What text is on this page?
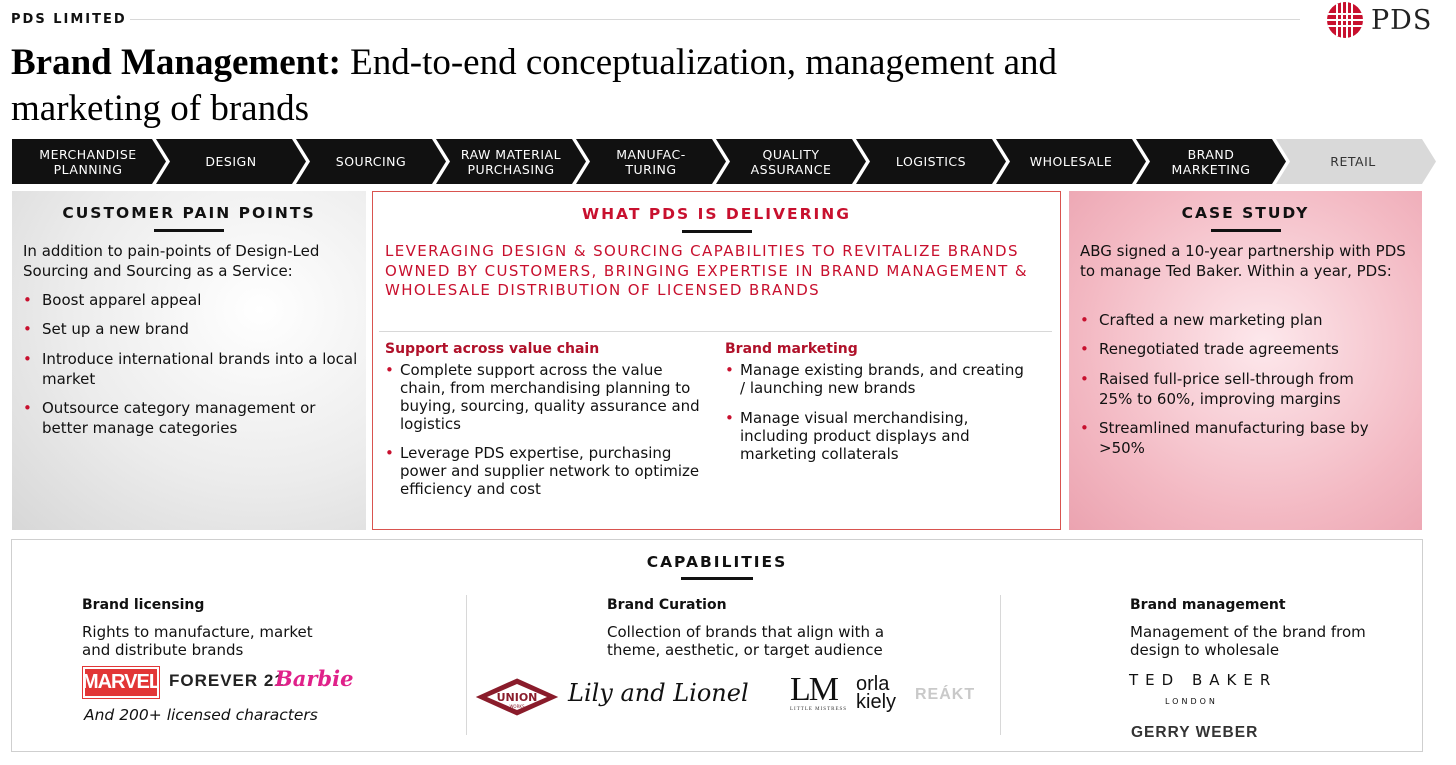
PDS LIMITED	PDS
Brand Management: End-to-end conceptualization, management and marketing of brands
MERCHANDISE PLANNING	DESIGN	SOURCING	RAW MATERIAL PURCHASING
MANUFAC-TURING
QUALITY ASSURANCE	LOGISTICS	WHOLESALE	BRAND MARKETING	RETAIL
CUSTOMER PAIN POINTS
In addition to pain-points of Design-Led Sourcing and Sourcing as a Service:
• Boost apparel appeal
• Set up a new brand
• Introduce international brands into a local market
• Outsource category management or better manage categories
WHAT PDS IS DELIVERING
LEVERAGING DESIGN & SOURCING CAPABILITIES TO REVITALIZE BRANDS OWNED BY CUSTOMERS, BRINGING EXPERTISE IN BRAND MANAGEMENT & WHOLESALE DISTRIBUTION OF LICENSED BRANDS
Support across value chain
• Complete support across the value chain, from merchandising planning to buying, sourcing, quality assurance and logistics
• Leverage PDS expertise, purchasing power and supplier network to optimize efficiency and cost
Brand marketing
• Manage existing brands, and creating / launching new brands
• Manage visual merchandising, including product displays and marketing collaterals
CASE STUDY
ABG signed a 10-year partnership with PDS to manage Ted Baker. Within a year, PDS:
• Crafted a new marketing plan
• Renegotiated trade agreements
• Raised full-price sell-through from 25% to 60%, improving margins
• Streamlined manufacturing base by >50%
CAPABILITIES
Brand licensing
Rights to manufacture, market and distribute brands
MARVEL FOREVER 21
Barbie
And 200+ licensed characters
Brand Curation
Collection of brands that align with a theme, aesthetic, or target audience
UNION
WORKS Lily and Lionel LM
LITTLE MISTRESS
orla
kiely REÁKT
Brand management
Management of the brand from design to wholesale
TED BAKER
LONDON
GERRY WEBER
